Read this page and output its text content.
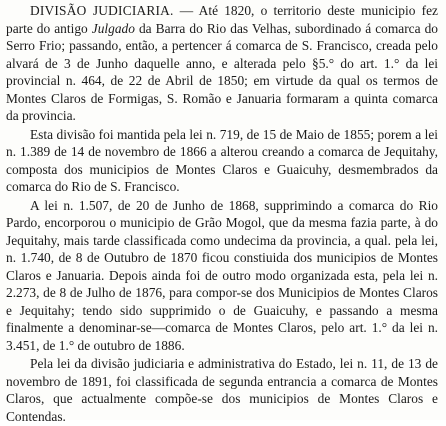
DIVISÃO JUDICIARIA. — Até 1820, o territorio deste municipio fez parte do antigo Julgado da Barra do Rio das Velhas, subordinado á comarca do Serro Frio; passando, então, a pertencer á comarca de S. Francisco, creada pelo alvará de 3 de Junho daquelle anno, e alterada pelo §5.° do art. 1.° da lei provincial n. 464, de 22 de Abril de 1850; em virtude da qual os termos de Montes Claros de Formigas, S. Romão e Januaria formaram a quinta comarca da provincia.

Esta divisão foi mantida pela lei n. 719, de 15 de Maio de 1855; porem a lei n. 1.389 de 14 de novembro de 1866 a alterou creando a comarca de Jequitahy, composta dos municipios de Montes Claros e Guaicuhy, desmembrados da comarca do Rio de S. Francisco.

A lei n. 1.507, de 20 de Junho de 1868, supprimindo a comarca do Rio Pardo, encorporou o municipio de Grão Mogol, que da mesma fazia parte, à do Jequitahy, mais tarde classificada como undecima da provincia, a qual. pela lei, n. 1.740, de 8 de Outubro de 1870 ficou constiuida dos municipios de Montes Claros e Januaria. Depois ainda foi de outro modo organizada esta, pela lei n. 2.273, de 8 de Julho de 1876, para compor-se dos Municipios de Montes Claros e Jequitahy; tendo sido supprimido o de Guaicuhy, e passando a mesma finalmente a denominar-se—comarca de Montes Claros, pelo art. 1.° da lei n. 3.451, de 1.° de outubro de 1886.

Pela lei da divisão judiciaria e administrativa do Estado, lei n. 11, de 13 de novembro de 1891, foi classificada de segunda entrancia a comarca de Montes Claros, que actualmente compõe-se dos municipios de Montes Claros e Contendas.
